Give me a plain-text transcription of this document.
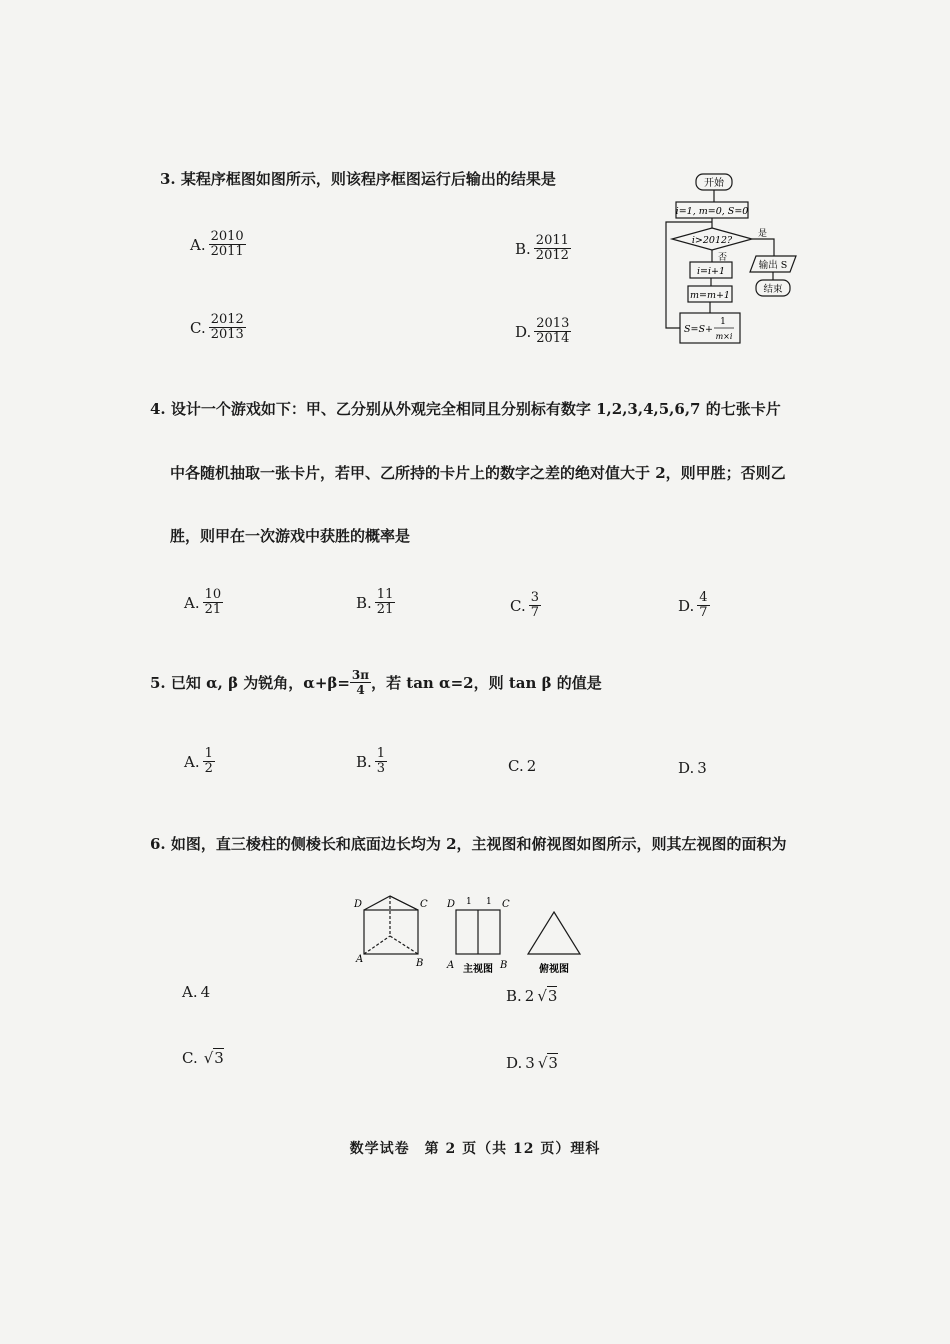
3. 某程序框图如图所示，则该程序框图运行后输出的结果是
A. $\frac{2010}{2011}$	B. $\frac{2011}{2012}$
C. $\frac{2012}{2013}$	D. $\frac{2013}{2014}$
开始
i=1, m=0, S=0
i>2012?
是
否
i=i+1
m=m+1
S=S+
1
m×i
输出 S
结束
4. 设计一个游戏如下：甲、乙分别从外观完全相同且分别标有数字 1,2,3,4,5,6,7 的七张卡片
中各随机抽取一张卡片，若甲、乙所持的卡片上的数字之差的绝对值大于 2，则甲胜；否则乙
胜，则甲在一次游戏中获胜的概率是
A. $\frac{10}{21}$	B. $\frac{11}{21}$	C. $\frac{3}{7}$	D. $\frac{4}{7}$
5. 已知 α, β 为锐角，$\alpha+\beta= \frac{3\pi}{4}$ ，若 tan α=2，则 tan β 的值是
A. $\frac{1}{2}$	B. $\frac{1}{3}$	C. 2	D. 3
6. 如图，直三棱柱的侧棱长和底面边长均为 2，主视图和俯视图如图所示，则其左视图的面积为
D	C
A	B
D 1 1 C
A	B
主视图	俯视图
A. 4	B. 2 √3
C. √3	D. 3 √3
数学试卷　第 2 页（共 12 页）理科
